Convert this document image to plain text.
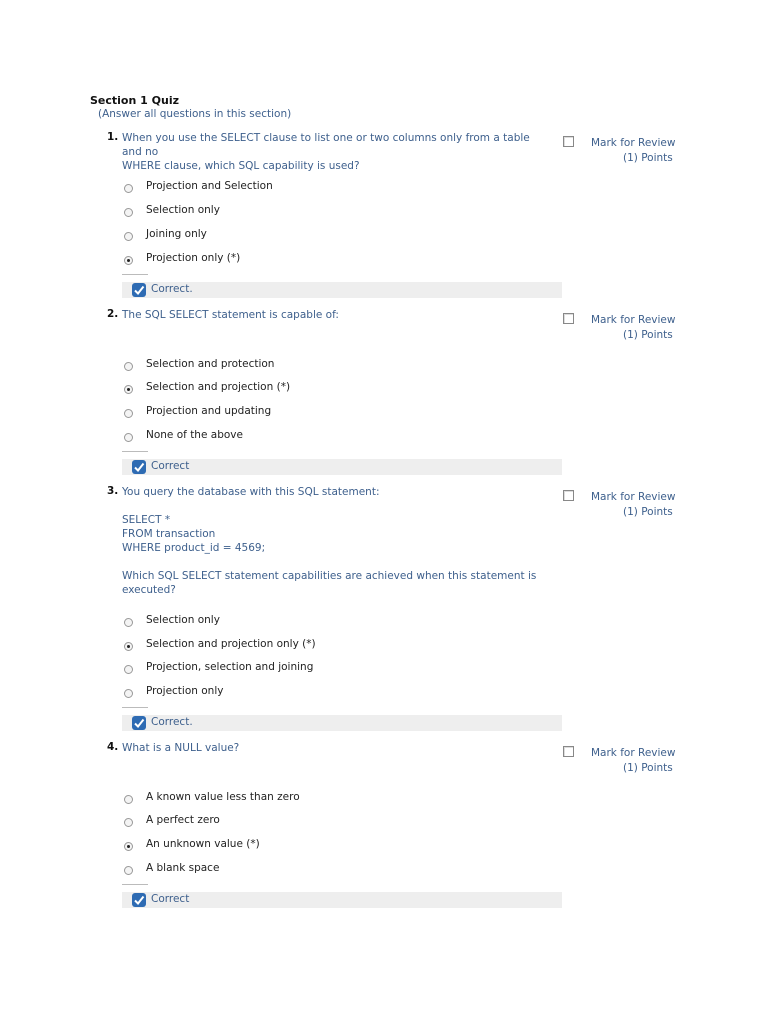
Section 1 Quiz
(Answer all questions in this section)
1. When you use the SELECT clause to list one or two columns only from a table and no
WHERE clause, which SQL capability is used?
Mark for Review
(1) Points
Projection and Selection
Selection only
Joining only
Projection only (*)
Correct.
2. The SQL SELECT statement is capable of:	Mark for Review
(1) Points
Selection and protection
Selection and projection (*)
Projection and updating
None of the above
Correct
3. You query the database with this SQL statement:

SELECT *
FROM transaction
WHERE product_id = 4569;

Which SQL SELECT statement capabilities are achieved when this statement is
executed?
Mark for Review
(1) Points
Selection only
Selection and projection only (*)
Projection, selection and joining
Projection only
Correct.
4. What is a NULL value?	Mark for Review
(1) Points
A known value less than zero
A perfect zero
An unknown value (*)
A blank space
Correct
